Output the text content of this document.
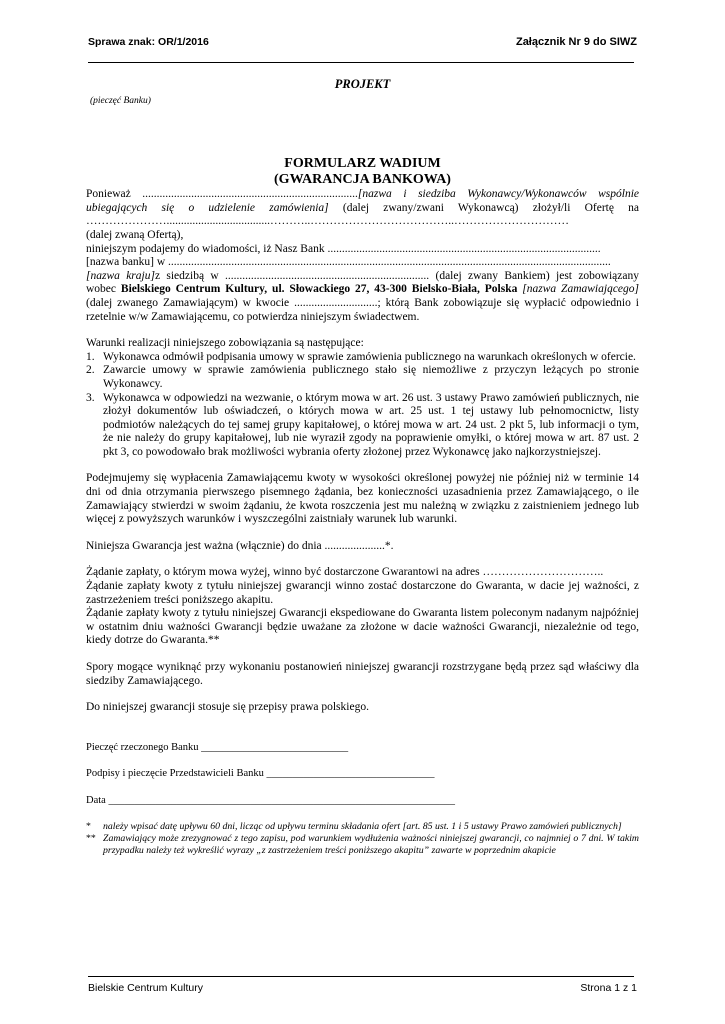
Sprawa znak: OR/1/2016	Załącznik Nr 9 do SIWZ

PROJEKT

(pieczęć Banku)
FORMULARZ WADIUM
(GWARANCJA BANKOWA)

Ponieważ ...........................................................................[nazwa i siedziba Wykonawcy/Wykonawców wspólnie ubiegających się o udzielenie zamówienia] (dalej zwany/zwani Wykonawcą) złożył/li Ofertę na …………………....................................………..………………………………..…………………………

(dalej zwaną Ofertą),

niniejszym podajemy do wiadomości, iż Nasz Bank ...............................................................................................

[nazwa banku] w ..........................................................................................................................................................

[nazwa kraju]z siedzibą w ....................................................................... (dalej zwany Bankiem) jest zobowiązany wobec Bielskiego Centrum Kultury, ul. Słowackiego 27, 43-300 Bielsko-Biała, Polska [nazwa Zamawiającego] (dalej zwanego Zamawiającym) w kwocie .............................; którą Bank zobowiązuje się wypłacić odpowiednio i rzetelnie w/w Zamawiającemu, co potwierdza niniejszym świadectwem.

Warunki realizacji niniejszego zobowiązania są następujące:

1. Wykonawca odmówił podpisania umowy w sprawie zamówienia publicznego na warunkach określonych w ofercie.
2. Zawarcie umowy w sprawie zamówienia publicznego stało się niemożliwe z przyczyn leżących po stronie Wykonawcy.
3. Wykonawca w odpowiedzi na wezwanie, o którym mowa w art. 26 ust. 3 ustawy Prawo zamówień publicznych, nie złożył dokumentów lub oświadczeń, o których mowa w art. 25 ust. 1 tej ustawy lub pełnomocnictw, listy podmiotów należących do tej samej grupy kapitałowej, o której mowa w art. 24 ust. 2 pkt 5, lub informacji o tym, że nie należy do grupy kapitałowej, lub nie wyraził zgody na poprawienie omyłki, o której mowa w art. 87 ust. 2 pkt 3, co powodowało brak możliwości wybrania oferty złożonej przez Wykonawcę jako najkorzystniejszej.

Podejmujemy się wypłacenia Zamawiającemu kwoty w wysokości określonej powyżej nie później niż w terminie 14 dni od dnia otrzymania pierwszego pisemnego żądania, bez konieczności uzasadnienia przez Zamawiającego, o ile Zamawiający stwierdzi w swoim żądaniu, że kwota roszczenia jest mu należną w związku z zaistnieniem jednego lub więcej z powyższych warunków i wyszczególni zaistniały warunek lub warunki.

Niniejsza Gwarancja jest ważna (włącznie) do dnia .....................*.

Żądanie zapłaty, o którym mowa wyżej, winno być dostarczone Gwarantowi na adres …………………………..

Żądanie zapłaty kwoty z tytułu niniejszej gwarancji winno zostać dostarczone do Gwaranta, w dacie jej ważności, z zastrzeżeniem treści poniższego akapitu.

Żądanie zapłaty kwoty z tytułu niniejszej Gwarancji ekspediowane do Gwaranta listem poleconym nadanym najpóźniej w ostatnim dniu ważności Gwarancji będzie uważane za złożone w dacie ważności Gwarancji, niezależnie od tego, kiedy dotrze do Gwaranta.**

Spory mogące wyniknąć przy wykonaniu postanowień niniejszej gwarancji rozstrzygane będą przez sąd właściwy dla siedziby Zamawiającego.

Do niniejszej gwarancji stosuje się przepisy prawa polskiego.

Pieczęć rzeczonego Banku ____________________________
Podpisy i pieczęcie Przedstawicieli Banku ________________________________
Data __________________________________________________________________
* należy wpisać datę upływu 60 dni, licząc od upływu terminu składania ofert [art. 85 ust. 1 i 5 ustawy Prawo zamówień publicznych]
** Zamawiający może zrezygnować z tego zapisu, pod warunkiem wydłużenia ważności niniejszej gwarancji, co najmniej o 7 dni. W takim przypadku należy też wykreślić wyrazy „z zastrzeżeniem treści poniższego akapitu” zawarte w poprzednim akapicie
Bielskie Centrum Kultury	Strona 1 z 1
